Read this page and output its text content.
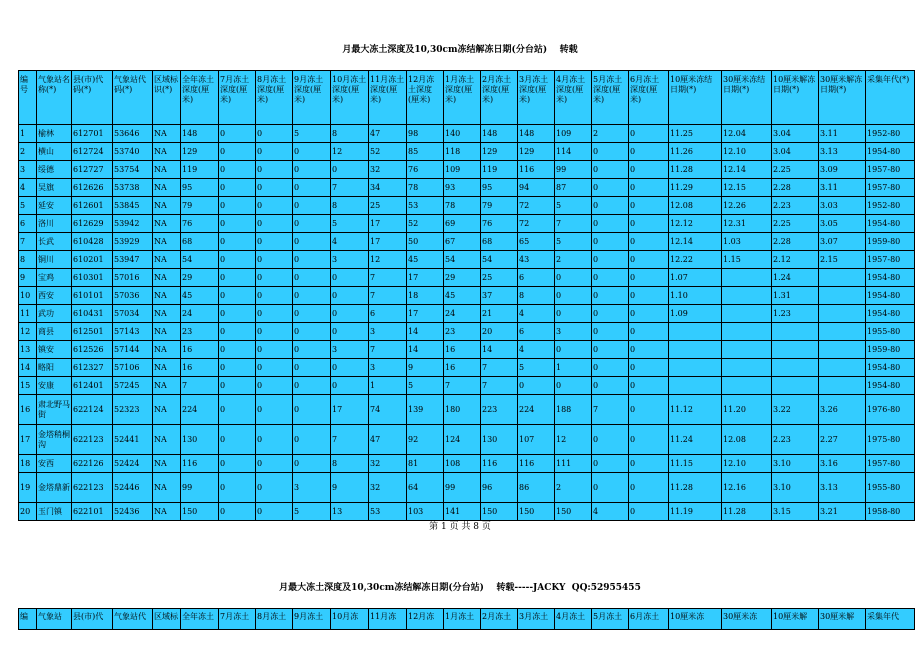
月最大冻土深度及10,30cm冻结解冻日期(分台站)    转载
编号	气象站名称(*)	县(市)代码(*)	气象站代码(*)	区域标识(*)	全年冻土深度(厘米)	7月冻土深度(厘米)	8月冻土深度(厘米)	9月冻土深度(厘米)	10月冻土深度(厘米)	11月冻土深度(厘米)	12月冻土深度(厘米)	1月冻土深度(厘米)	2月冻土深度(厘米)	3月冻土深度(厘米)	4月冻土深度(厘米)	5月冻土深度(厘米)	6月冻土深度(厘米)	10厘米冻结日期(*)	30厘米冻结日期(*)	10厘米解冻日期(*)	30厘米解冻日期(*)	采集年代(*)
1	榆林	612701	53646	NA	148	0	0	5	8	47	98	140	148	148	109	2	0	11.25	12.04	3.04	3.11	1952-80
2	横山	612724	53740	NA	129	0	0	0	12	52	85	118	129	129	114	0	0	11.26	12.10	3.04	3.13	1954-80
3	绥德	612727	53754	NA	119	0	0	0	0	32	76	109	119	116	99	0	0	11.28	12.14	2.25	3.09	1957-80
4	吴旗	612626	53738	NA	95	0	0	0	7	34	78	93	95	94	87	0	0	11.29	12.15	2.28	3.11	1957-80
5	延安	612601	53845	NA	79	0	0	0	8	25	53	78	79	72	5	0	0	12.08	12.26	2.23	3.03	1952-80
6	洛川	612629	53942	NA	76	0	0	0	5	17	52	69	76	72	7	0	0	12.12	12.31	2.25	3.05	1954-80
7	长武	610428	53929	NA	68	0	0	0	4	17	50	67	68	65	5	0	0	12.14	1.03	2.28	3.07	1959-80
8	铜川	610201	53947	NA	54	0	0	0	3	12	45	54	54	43	2	0	0	12.22	1.15	2.12	2.15	1957-80
9	宝鸡	610301	57016	NA	29	0	0	0	0	7	17	29	25	6	0	0	0	1.07		1.24		1954-80
10	西安	610101	57036	NA	45	0	0	0	0	7	18	45	37	8	0	0	0	1.10		1.31		1954-80
11	武功	610431	57034	NA	24	0	0	0	0	6	17	24	21	4	0	0	0	1.09		1.23		1954-80
12	商县	612501	57143	NA	23	0	0	0	0	3	14	23	20	6	3	0	0					1955-80
13	镇安	612526	57144	NA	16	0	0	0	3	7	14	16	14	4	0	0	0					1959-80
14	略阳	612327	57106	NA	16	0	0	0	0	3	9	16	7	5	1	0	0					1954-80
15	安康	612401	57245	NA	7	0	0	0	0	1	5	7	7	0	0	0	0					1954-80
16	肃北野马街	622124	52323	NA	224	0	0	0	17	74	139	180	223	224	188	7	0	11.12	11.20	3.22	3.26	1976-80
17	金塔稍桐沟	622123	52441	NA	130	0	0	0	7	47	92	124	130	107	12	0	0	11.24	12.08	2.23	2.27	1975-80
18	安西	622126	52424	NA	116	0	0	0	8	32	81	108	116	116	111	0	0	11.15	12.10	3.10	3.16	1957-80
19	金塔鼎新	622123	52446	NA	99	0	0	3	9	32	64	99	96	86	2	0	0	11.28	12.16	3.10	3.13	1955-80
20	玉门镇	622101	52436	NA	150	0	0	5	13	53	103	141	150	150	150	4	0	11.19	11.28	3.15	3.21	1958-80
第 1 页 共 8 页
月最大冻土深度及10,30cm冻结解冻日期(分台站)    转载-----JACKY  QQ:52955455
编	气象站	县(市)代	气象站代	区域标	全年冻土	7月冻土	8月冻土	9月冻土	10月冻	11月冻	12月冻	1月冻土	2月冻土	3月冻土	4月冻土	5月冻土	6月冻土	10厘米冻	30厘米冻	10厘米解	30厘米解	采集年代
